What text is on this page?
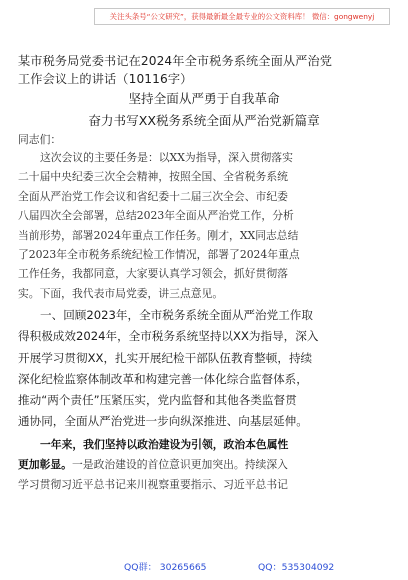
关注头条号“公文研究”，获得最新最全最专业的公文资料库！ 微信：gongwenyj
某市税务局党委书记在2024年全市税务系统全面从严治党
工作会议上的讲话（10116字）
坚持全面从严勇于自我革命
奋力书写XX税务系统全面从严治党新篇章
同志们：
这次会议的主要任务是：以XX为指导，深入贯彻落实
二十届中央纪委三次全会精神，按照全国、全省税务系统
全面从严治党工作会议和省纪委十二届三次全会、市纪委
八届四次全会部署，总结2023年全面从严治党工作，分析
当前形势，部署2024年重点工作任务。刚才，XX同志总结
了2023年全市税务系统纪检工作情况，部署了2024年重点
工作任务，我都同意，大家要认真学习领会，抓好贯彻落
实。下面，我代表市局党委，讲三点意见。
一、回顾2023年，全市税务系统全面从严治党工作取
得积极成效2024年，全市税务系统坚持以XX为指导，深入
开展学习贯彻XX，扎实开展纪检干部队伍教育整顿，持续
深化纪检监察体制改革和构建完善一体化综合监督体系，
推动“两个责任”压紧压实，党内监督和其他各类监督贯
通协同，全面从严治党进一步向纵深推进、向基层延伸。
一年来，我们坚持以政治建设为引领，政治本色属性
更加彰显。一是政治建设的首位意识更加突出。持续深入
学习贯彻习近平总书记来川视察重要指示、习近平总书记
QQ群： 30265665	QQ：535304092
